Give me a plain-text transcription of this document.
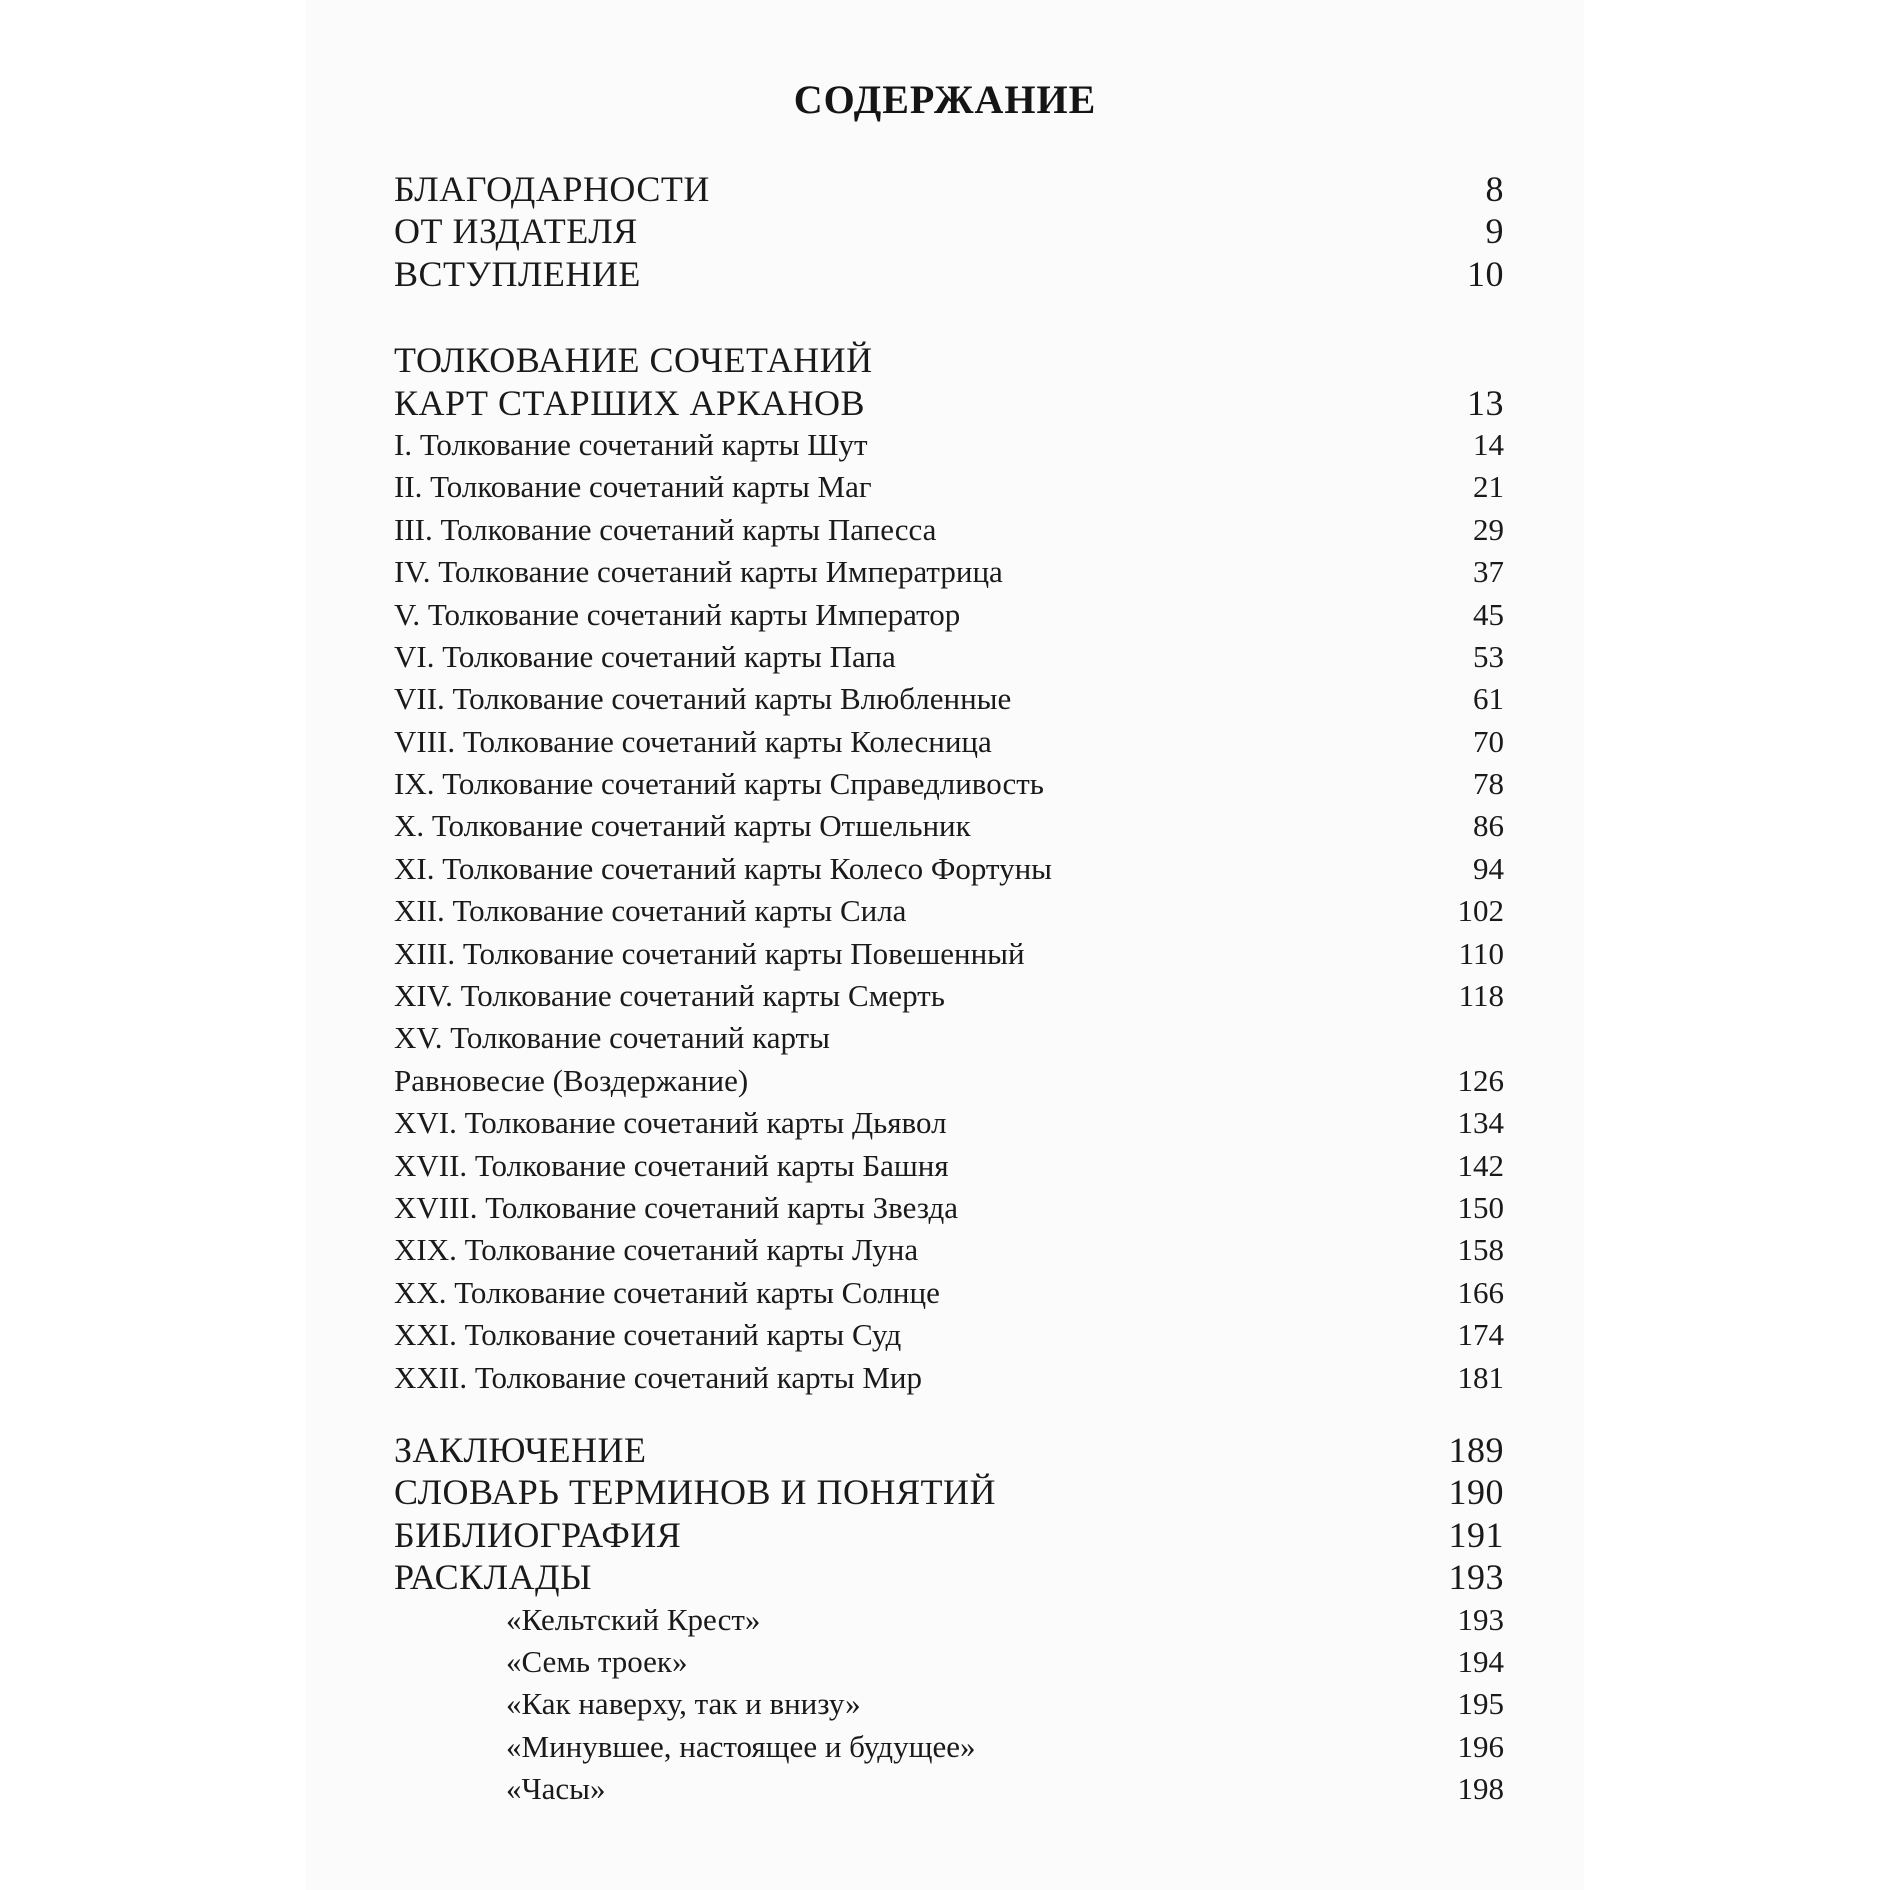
СОДЕРЖАНИЕ
БЛАГОДАРНОСТИ	8
ОТ ИЗДАТЕЛЯ	9
ВСТУПЛЕНИЕ	10
ТОЛКОВАНИЕ СОЧЕТАНИЙ
КАРТ СТАРШИХ АРКАНОВ	13
I. Толкование сочетаний карты Шут	14
II. Толкование сочетаний карты Маг	21
III. Толкование сочетаний карты Папесса	29
IV. Толкование сочетаний карты Императрица	37
V. Толкование сочетаний карты Император	45
VI. Толкование сочетаний карты Папа	53
VII. Толкование сочетаний карты Влюбленные	61
VIII. Толкование сочетаний карты Колесница	70
IX. Толкование сочетаний карты Справедливость	78
X. Толкование сочетаний карты Отшельник	86
XI. Толкование сочетаний карты Колесо Фортуны	94
XII. Толкование сочетаний карты Сила	102
XIII. Толкование сочетаний карты Повешенный	110
XIV. Толкование сочетаний карты Смерть	118
XV. Толкование сочетаний карты
Равновесие (Воздержание)	126
XVI. Толкование сочетаний карты Дьявол	134
XVII. Толкование сочетаний карты Башня	142
XVIII. Толкование сочетаний карты Звезда	150
XIX. Толкование сочетаний карты Луна	158
XX. Толкование сочетаний карты Солнце	166
XXI. Толкование сочетаний карты Суд	174
XXII. Толкование сочетаний карты Мир	181
ЗАКЛЮЧЕНИЕ	189
СЛОВАРЬ ТЕРМИНОВ И ПОНЯТИЙ	190
БИБЛИОГРАФИЯ	191
РАСКЛАДЫ	193
«Кельтский Крест»	193
«Семь троек»	194
«Как наверху, так и внизу»	195
«Минувшее, настоящее и будущее»	196
«Часы»	198
